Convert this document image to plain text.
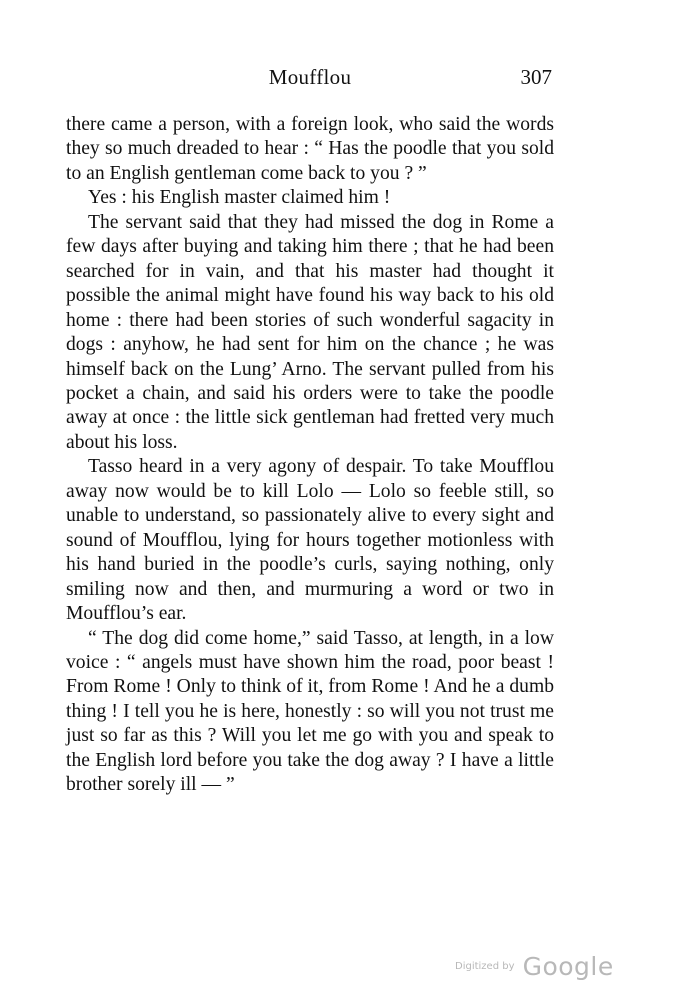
Moufflou	307

there came a person, with a foreign look, who said the words they so much dreaded to hear : “ Has the poodle that you sold to an English gentleman come back to you ? ”

Yes : his English master claimed him !

The servant said that they had missed the dog in Rome a few days after buying and taking him there ; that he had been searched for in vain, and that his master had thought it possible the animal might have found his way back to his old home : there had been stories of such wonderful sagacity in dogs : anyhow, he had sent for him on the chance ; he was himself back on the Lung’ Arno. The servant pulled from his pocket a chain, and said his orders were to take the poodle away at once : the little sick gentleman had fretted very much about his loss.

Tasso heard in a very agony of despair. To take Moufflou away now would be to kill Lolo — Lolo so feeble still, so unable to understand, so passionately alive to every sight and sound of Moufflou, lying for hours together motionless with his hand buried in the poodle’s curls, saying nothing, only smiling now and then, and murmuring a word or two in Moufflou’s ear.

“ The dog did come home,” said Tasso, at length, in a low voice : “ angels must have shown him the road, poor beast ! From Rome ! Only to think of it, from Rome ! And he a dumb thing ! I tell you he is here, honestly : so will you not trust me just so far as this ? Will you let me go with you and speak to the English lord before you take the dog away ? I have a little brother sorely ill — ”

Digitized by Google
